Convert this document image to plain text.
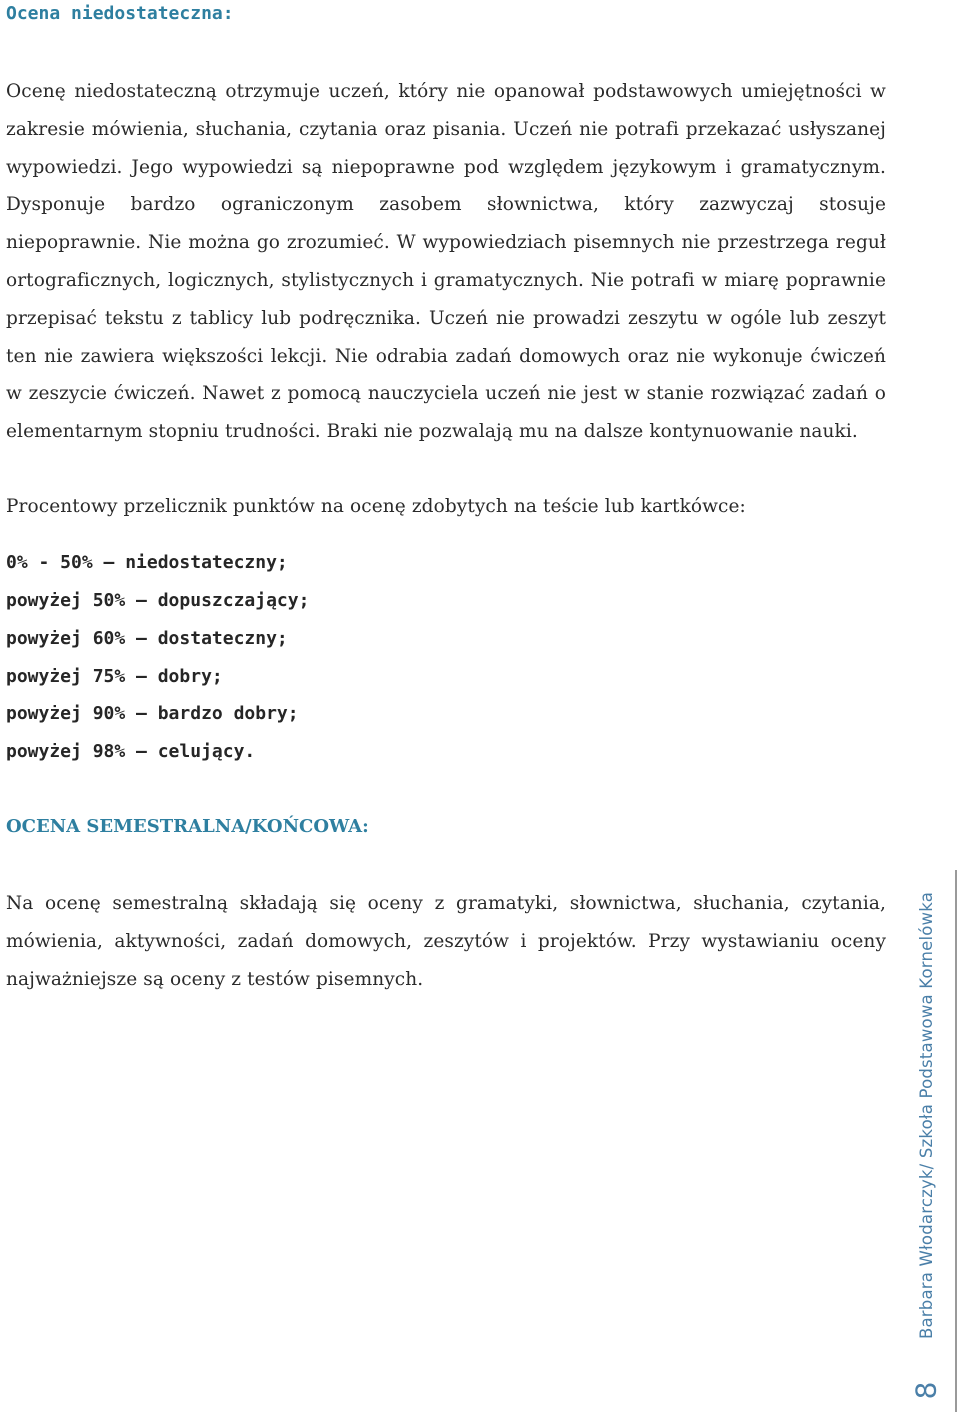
Ocena niedostateczna:

Ocenę niedostateczną otrzymuje uczeń, który nie opanował podstawowych umiejętności w zakresie mówienia, słuchania, czytania oraz pisania. Uczeń nie potrafi przekazać usłyszanej wypowiedzi. Jego wypowiedzi są niepoprawne pod względem językowym i gramatycznym. Dysponuje bardzo ograniczonym zasobem słownictwa, który zazwyczaj stosuje niepoprawnie. Nie można go zrozumieć. W wypowiedziach pisemnych nie przestrzega reguł ortograficznych, logicznych, stylistycznych i gramatycznych. Nie potrafi w miarę poprawnie przepisać tekstu z tablicy lub podręcznika. Uczeń nie prowadzi zeszytu w ogóle lub zeszyt ten nie zawiera większości lekcji. Nie odrabia zadań domowych oraz nie wykonuje ćwiczeń w zeszycie ćwiczeń. Nawet z pomocą nauczyciela uczeń nie jest w stanie rozwiązać zadań o elementarnym stopniu trudności. Braki nie pozwalają mu na dalsze kontynuowanie nauki.

Procentowy przelicznik punktów na ocenę zdobytych na teście lub kartkówce:

0% - 50% – niedostateczny;
powyżej 50% – dopuszczający;
powyżej 60% – dostateczny;
powyżej 75% – dobry;
powyżej 90% – bardzo dobry;
powyżej 98% – celujący.
OCENA SEMESTRALNA/KOŃCOWA:

Na ocenę semestralną składają się oceny z gramatyki, słownictwa, słuchania, czytania, mówienia, aktywności, zadań domowych, zeszytów i projektów. Przy wystawianiu oceny najważniejsze są oceny z testów pisemnych.	Barbara Włodarczyk/ Szkoła Podstawowa Kornelówka
8
